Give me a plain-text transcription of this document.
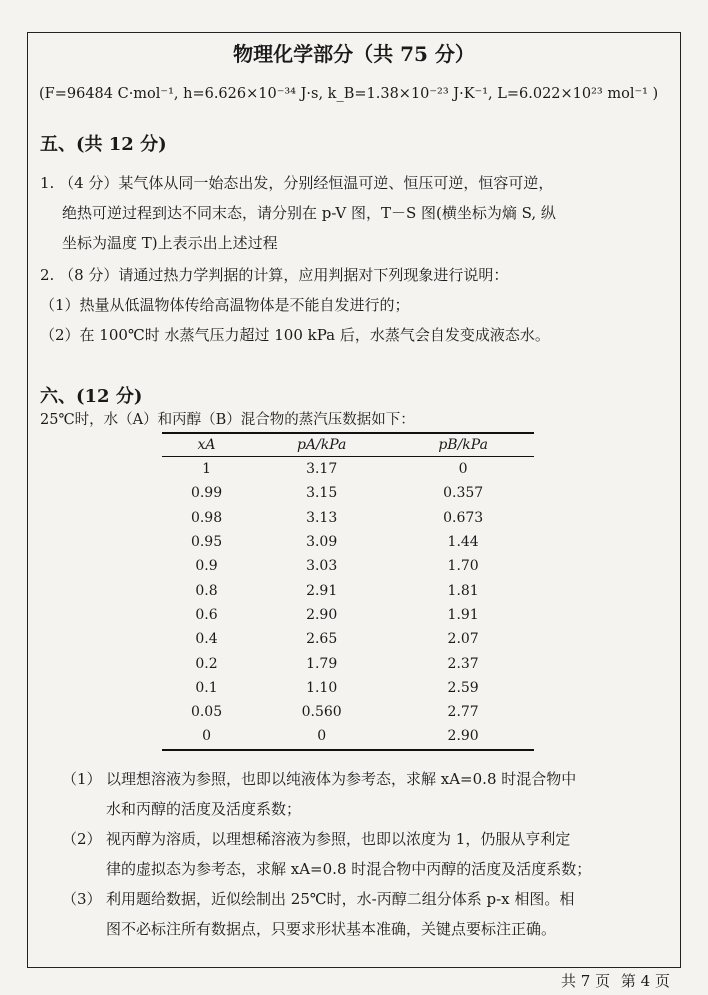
物理化学部分（共 75 分）
(F=96484 C·mol⁻¹, h=6.626×10⁻³⁴ J·s, k_B=1.38×10⁻²³ J·K⁻¹, L=6.022×10²³ mol⁻¹ )
五、(共 12 分)
1. （4 分）某气体从同一始态出发，分别经恒温可逆、恒压可逆，恒容可逆，
绝热可逆过程到达不同末态，请分别在 p-V 图，T－S 图(横坐标为熵 S, 纵
坐标为温度 T)上表示出上述过程
2. （8 分）请通过热力学判据的计算，应用判据对下列现象进行说明：
（1）热量从低温物体传给高温物体是不能自发进行的；
（2）在 100℃时 水蒸气压力超过 100 kPa 后，水蒸气会自发变成液态水。
六、(12 分)
25℃时，水（A）和丙醇（B）混合物的蒸汽压数据如下：
xA	pA/kPa	pB/kPa
1	3.17	0
0.99	3.15	0.357
0.98	3.13	0.673
0.95	3.09	1.44
0.9	3.03	1.70
0.8	2.91	1.81
0.6	2.90	1.91
0.4	2.65	2.07
0.2	1.79	2.37
0.1	1.10	2.59
0.05	0.560	2.77
0	0	2.90
（1） 以理想溶液为参照，也即以纯液体为参考态，求解 xA=0.8 时混合物中
水和丙醇的活度及活度系数；
（2） 视丙醇为溶质，以理想稀溶液为参照，也即以浓度为 1，仍服从亨利定
律的虚拟态为参考态，求解 xA=0.8 时混合物中丙醇的活度及活度系数；
（3） 利用题给数据，近似绘制出 25℃时，水-丙醇二组分体系 p-x 相图。相
图不必标注所有数据点，只要求形状基本准确，关键点要标注正确。
共 7 页 第 4 页
